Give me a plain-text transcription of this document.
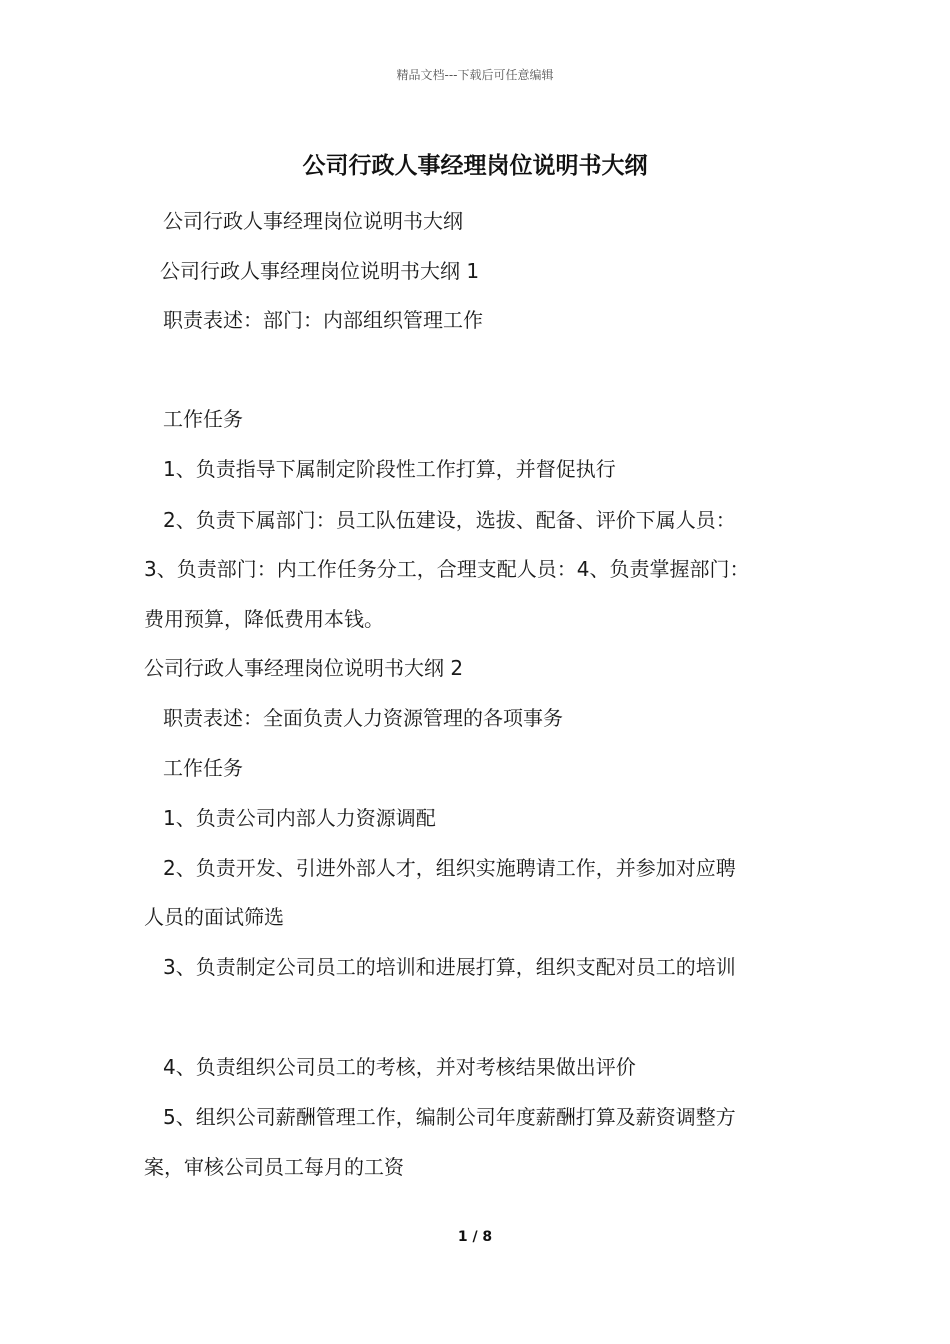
精品文档---下载后可任意编辑
公司行政人事经理岗位说明书大纲
公司行政人事经理岗位说明书大纲
公司行政人事经理岗位说明书大纲 1
职责表述：部门：内部组织管理工作
工作任务
1、负责指导下属制定阶段性工作打算，并督促执行
2、负责下属部门：员工队伍建设，选拔、配备、评价下属人员：
3、负责部门：内工作任务分工，合理支配人员：4、负责掌握部门：
费用预算，降低费用本钱。
公司行政人事经理岗位说明书大纲 2
职责表述：全面负责人力资源管理的各项事务
工作任务
1、负责公司内部人力资源调配
2、负责开发、引进外部人才，组织实施聘请工作，并参加对应聘
人员的面试筛选
3、负责制定公司员工的培训和进展打算，组织支配对员工的培训
4、负责组织公司员工的考核，并对考核结果做出评价
5、组织公司薪酬管理工作，编制公司年度薪酬打算及薪资调整方
案，审核公司员工每月的工资
1 / 8
